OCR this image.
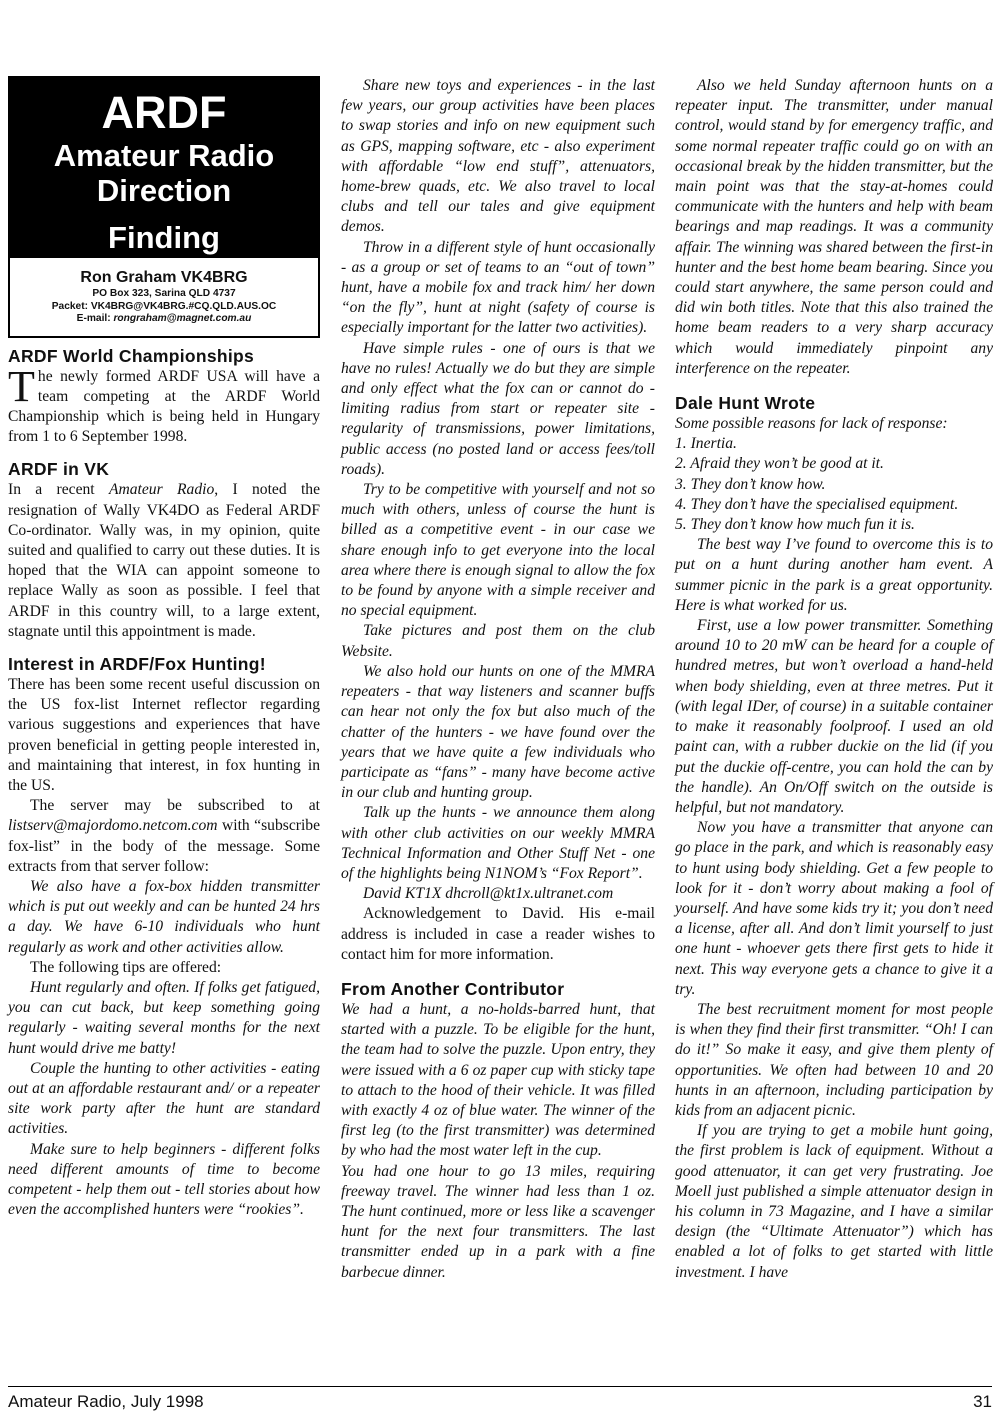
ARDF
Amateur Radio
Direction
Finding
Ron Graham VK4BRG
PO Box 323, Sarina QLD 4737
Packet: VK4BRG@VK4BRG.#CQ.QLD.AUS.OC
E-mail: rongraham@magnet.com.au
ARDF World Championships

The newly formed ARDF USA will have a team competing at the ARDF World Championship which is being held in Hungary from 1 to 6 September 1998.

ARDF in VK

In a recent Amateur Radio, I noted the resignation of Wally VK4DO as Federal ARDF Co-ordinator. Wally was, in my opinion, quite suited and qualified to carry out these duties. It is hoped that the WIA can appoint someone to replace Wally as soon as possible. I feel that ARDF in this country will, to a large extent, stagnate until this appointment is made.

Interest in ARDF/Fox Hunting!

There has been some recent useful discussion on the US fox-list Internet reflector regarding various suggestions and experiences that have proven beneficial in getting people interested in, and maintaining that interest, in fox hunting in the US.

The server may be subscribed to at listserv@majordomo.netcom.com with “subscribe fox-list” in the body of the message. Some extracts from that server follow:

We also have a fox-box hidden transmitter which is put out weekly and can be hunted 24 hrs a day. We have 6-10 individuals who hunt regularly as work and other activities allow.

The following tips are offered:

Hunt regularly and often. If folks get fatigued, you can cut back, but keep something going regularly - waiting several months for the next hunt would drive me batty!

Couple the hunting to other activities - eating out at an affordable restaurant and/ or a repeater site work party after the hunt are standard activities.

Make sure to help beginners - different folks need different amounts of time to become competent - help them out - tell stories about how even the accomplished hunters were “rookies”.

Share new toys and experiences - in the last few years, our group activities have been places to swap stories and info on new equipment such as GPS, mapping software, etc - also experiment with affordable “low end stuff”, attenuators, home-brew quads, etc. We also travel to local clubs and tell our tales and give equipment demos.

Throw in a different style of hunt occasionally - as a group or set of teams to an “out of town” hunt, have a mobile fox and track him/ her down “on the fly”, hunt at night (safety of course is especially important for the latter two activities).

Have simple rules - one of ours is that we have no rules! Actually we do but they are simple and only effect what the fox can or cannot do - limiting radius from start or repeater site - regularity of transmissions, power limitations, public access (no posted land or access fees/toll roads).

Try to be competitive with yourself and not so much with others, unless of course the hunt is billed as a competitive event - in our case we share enough info to get everyone into the local area where there is enough signal to allow the fox to be found by anyone with a simple receiver and no special equipment.

Take pictures and post them on the club Website.

We also hold our hunts on one of the MMRA repeaters - that way listeners and scanner buffs can hear not only the fox but also much of the chatter of the hunters - we have found over the years that we have quite a few individuals who participate as “fans” - many have become active in our club and hunting group.

Talk up the hunts - we announce them along with other club activities on our weekly MMRA Technical Information and Other Stuff Net - one of the highlights being N1NOM’s “Fox Report”.

David KT1X dhcroll@kt1x.ultranet.com

Acknowledgement to David. His e-mail address is included in case a reader wishes to contact him for more information.

From Another Contributor

We had a hunt, a no-holds-barred hunt, that started with a puzzle. To be eligible for the hunt, the team had to solve the puzzle. Upon entry, they were issued with a 6 oz paper cup with sticky tape to attach to the hood of their vehicle. It was filled with exactly 4 oz of blue water. The winner of the first leg (to the first transmitter) was determined by who had the most water left in the cup.

You had one hour to go 13 miles, requiring freeway travel. The winner had less than 1 oz. The hunt continued, more or less like a scavenger hunt for the next four transmitters. The last transmitter ended up in a park with a fine barbecue dinner.

Also we held Sunday afternoon hunts on a repeater input. The transmitter, under manual control, would stand by for emergency traffic, and some normal repeater traffic could go on with an occasional break by the hidden transmitter, but the main point was that the stay-at-homes could communicate with the hunters and help with beam bearings and map readings. It was a community affair. The winning was shared between the first-in hunter and the best home beam bearing. Since you could start anywhere, the same person could and did win both titles. Note that this also trained the home beam readers to a very sharp accuracy which would immediately pinpoint any interference on the repeater.

Dale Hunt Wrote

Some possible reasons for lack of response:

1. Inertia.

2. Afraid they won’t be good at it.

3. They don’t know how.

4. They don’t have the specialised equipment.

5. They don’t know how much fun it is.

The best way I’ve found to overcome this is to put on a hunt during another ham event. A summer picnic in the park is a great opportunity. Here is what worked for us.

First, use a low power transmitter. Something around 10 to 20 mW can be heard for a couple of hundred metres, but won’t overload a hand-held when body shielding, even at three metres. Put it (with legal IDer, of course) in a suitable container to make it reasonably foolproof. I used an old paint can, with a rubber duckie on the lid (if you put the duckie off-centre, you can hold the can by the handle). An On/Off switch on the outside is helpful, but not mandatory.

Now you have a transmitter that anyone can go place in the park, and which is reasonably easy to hunt using body shielding. Get a few people to look for it - don’t worry about making a fool of yourself. And have some kids try it; you don’t need a license, after all. And don’t limit yourself to just one hunt - whoever gets there first gets to hide it next. This way everyone gets a chance to give it a try.

The best recruitment moment for most people is when they find their first transmitter. “Oh! I can do it!” So make it easy, and give them plenty of opportunities. We often had between 10 and 20 hunts in an afternoon, including participation by kids from an adjacent picnic.

If you are trying to get a mobile hunt going, the first problem is lack of equipment. Without a good attenuator, it can get very frustrating. Joe Moell just published a simple attenuator design in his column in 73 Magazine, and I have a similar design (the “Ultimate Attenuator”) which has enabled a lot of folks to get started with little investment. I have

Amateur Radio, July 1998	31
